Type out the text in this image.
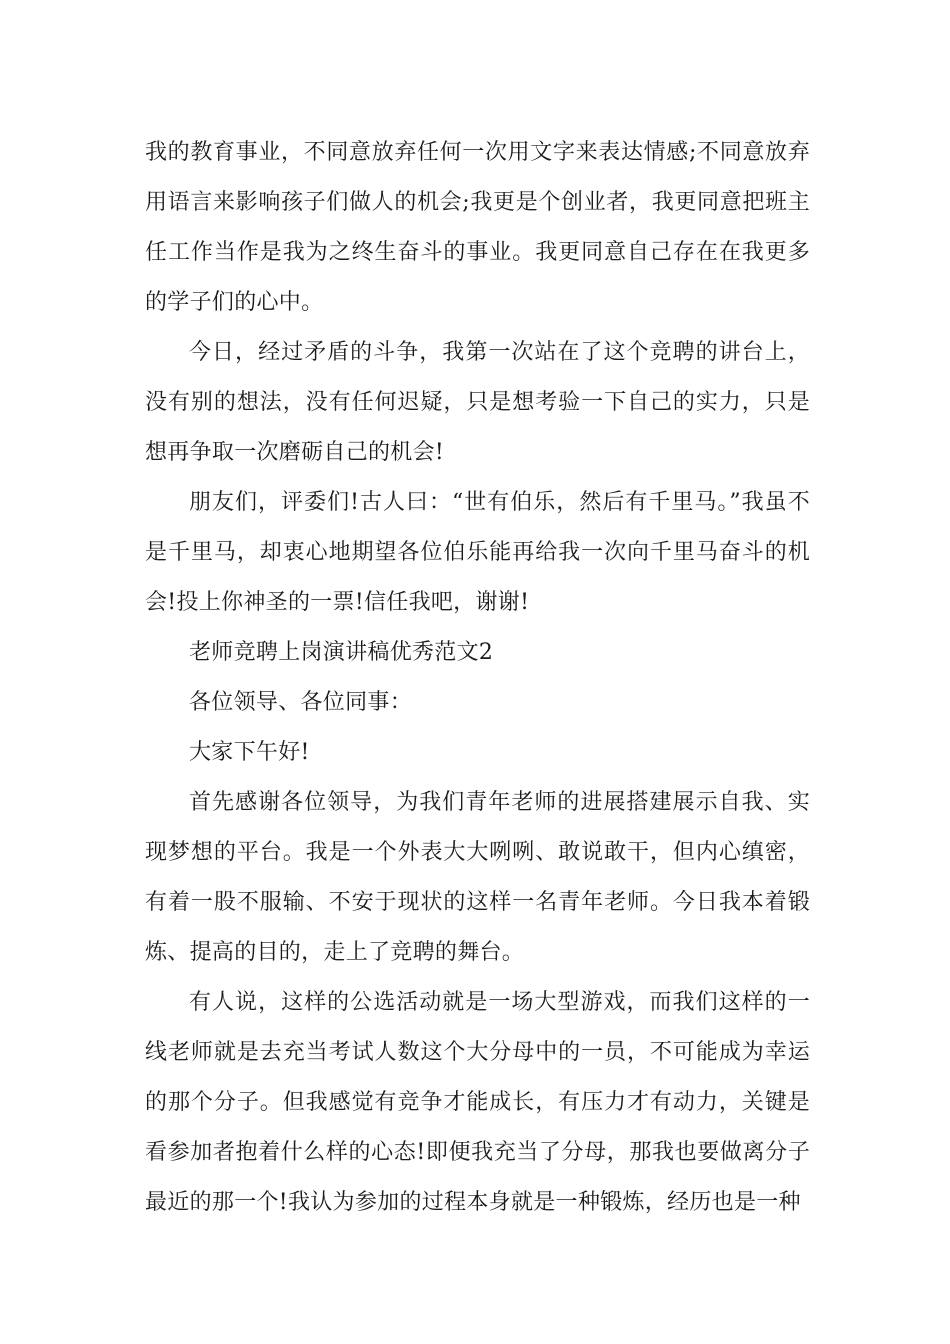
我的教育事业，不同意放弃任何一次用文字来表达情感;不同意放弃用语言来影响孩子们做人的机会;我更是个创业者，我更同意把班主任工作当作是我为之终生奋斗的事业。我更同意自己存在在我更多的学子们的心中。

今日，经过矛盾的斗争，我第一次站在了这个竞聘的讲台上，没有别的想法，没有任何迟疑，只是想考验一下自己的实力，只是想再争取一次磨砺自己的机会!

朋友们，评委们!古人曰：“世有伯乐，然后有千里马。”我虽不是千里马，却衷心地期望各位伯乐能再给我一次向千里马奋斗的机会!投上你神圣的一票!信任我吧，谢谢!

老师竞聘上岗演讲稿优秀范文2

各位领导、各位同事：

大家下午好!

首先感谢各位领导，为我们青年老师的进展搭建展示自我、实现梦想的平台。我是一个外表大大咧咧、敢说敢干，但内心缜密，有着一股不服输、不安于现状的这样一名青年老师。今日我本着锻炼、提高的目的，走上了竞聘的舞台。

有人说，这样的公选活动就是一场大型游戏，而我们这样的一线老师就是去充当考试人数这个大分母中的一员，不可能成为幸运的那个分子。但我感觉有竞争才能成长，有压力才有动力，关键是看参加者抱着什么样的心态!即便我充当了分母，那我也要做离分子最近的那一个!我认为参加的过程本身就是一种锻炼，经历也是一种
